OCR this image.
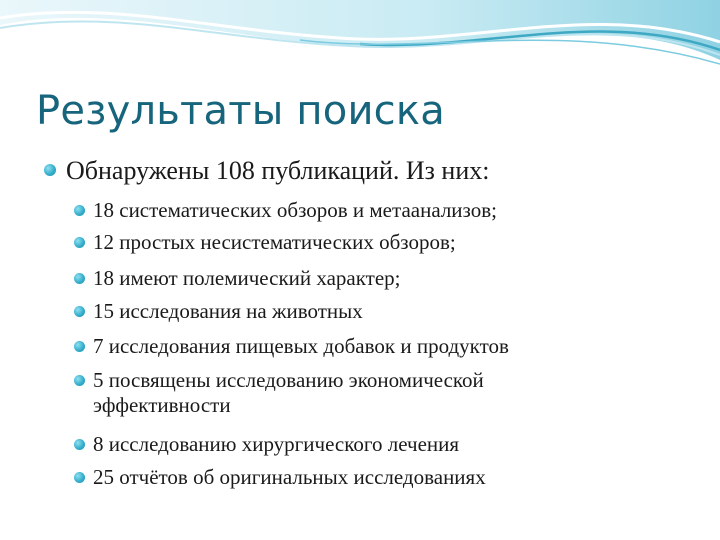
Результаты поиска
Обнаружены 108 публикаций. Из них:
18 систематических обзоров и метаанализов;
12 простых несистематических обзоров;
18 имеют полемический характер;
15 исследования на животных
7 исследования пищевых добавок и продуктов
5 посвящены исследованию экономической
эффективности
8 исследованию хирургического лечения
25 отчётов об оригинальных исследованиях
